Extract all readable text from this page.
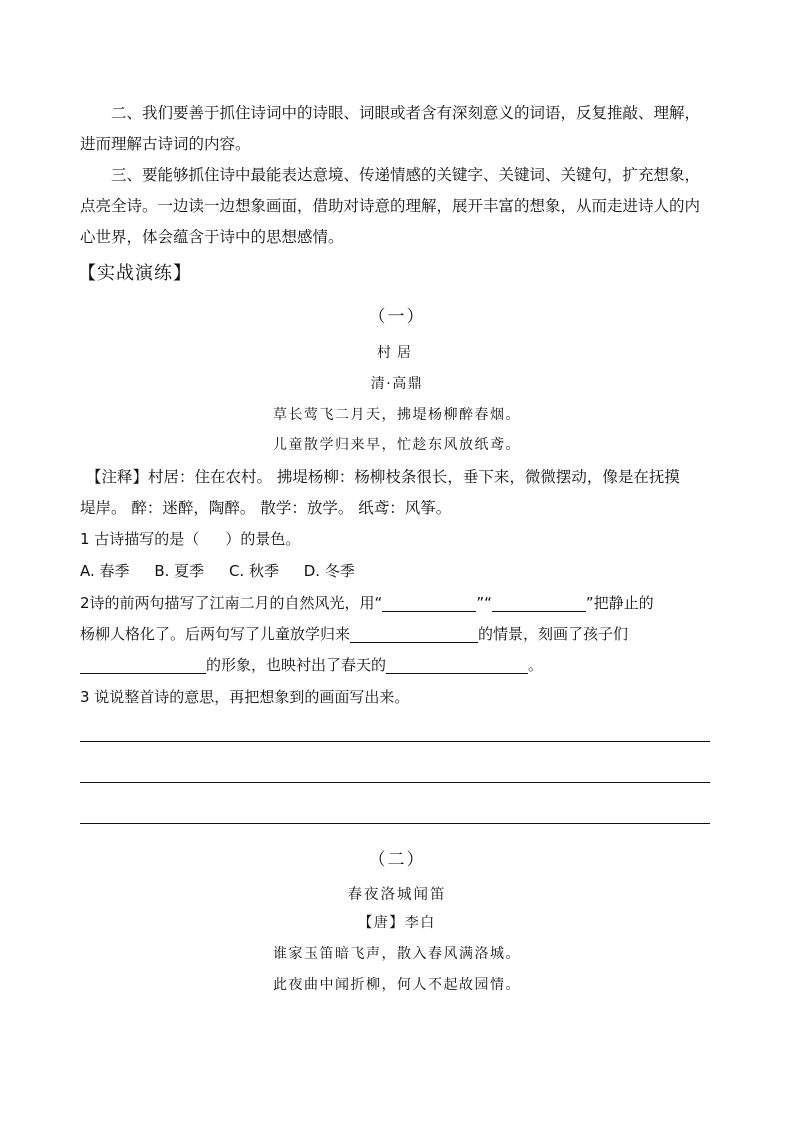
二、我们要善于抓住诗词中的诗眼、词眼或者含有深刻意义的词语，反复推敲、理解，进而理解古诗词的内容。
三、要能够抓住诗中最能表达意境、传递情感的关键字、关键词、关键句，扩充想象，点亮全诗。一边读一边想象画面，借助对诗意的理解，展开丰富的想象，从而走进诗人的内心世界，体会蕴含于诗中的思想感情。
【实战演练】
（一）
村居
清·高鼎
草长莺飞二月天，拂堤杨柳醉春烟。
儿童散学归来早，忙趁东风放纸鸢。
【注释】村居：住在农村。 拂堤杨柳：杨柳枝条很长，垂下来，微微摆动，像是在抚摸
堤岸。 醉：迷醉，陶醉。 散学：放学。 纸鸢：风筝。
1 古诗描写的是（ ）的景色。
A. 春季 B. 夏季 C. 秋季 D. 冬季
2诗的前两句描写了江南二月的自然风光，用“	”“	”把静止的
杨柳人格化了。后两句写了儿童放学归来	的情景，刻画了孩子们
的形象，也映衬出了春天的	。
3 说说整首诗的意思，再把想象到的画面写出来。
（二）
春夜洛城闻笛
【唐】李白
谁家玉笛暗飞声，散入春风满洛城。
此夜曲中闻折柳，何人不起故园情。
